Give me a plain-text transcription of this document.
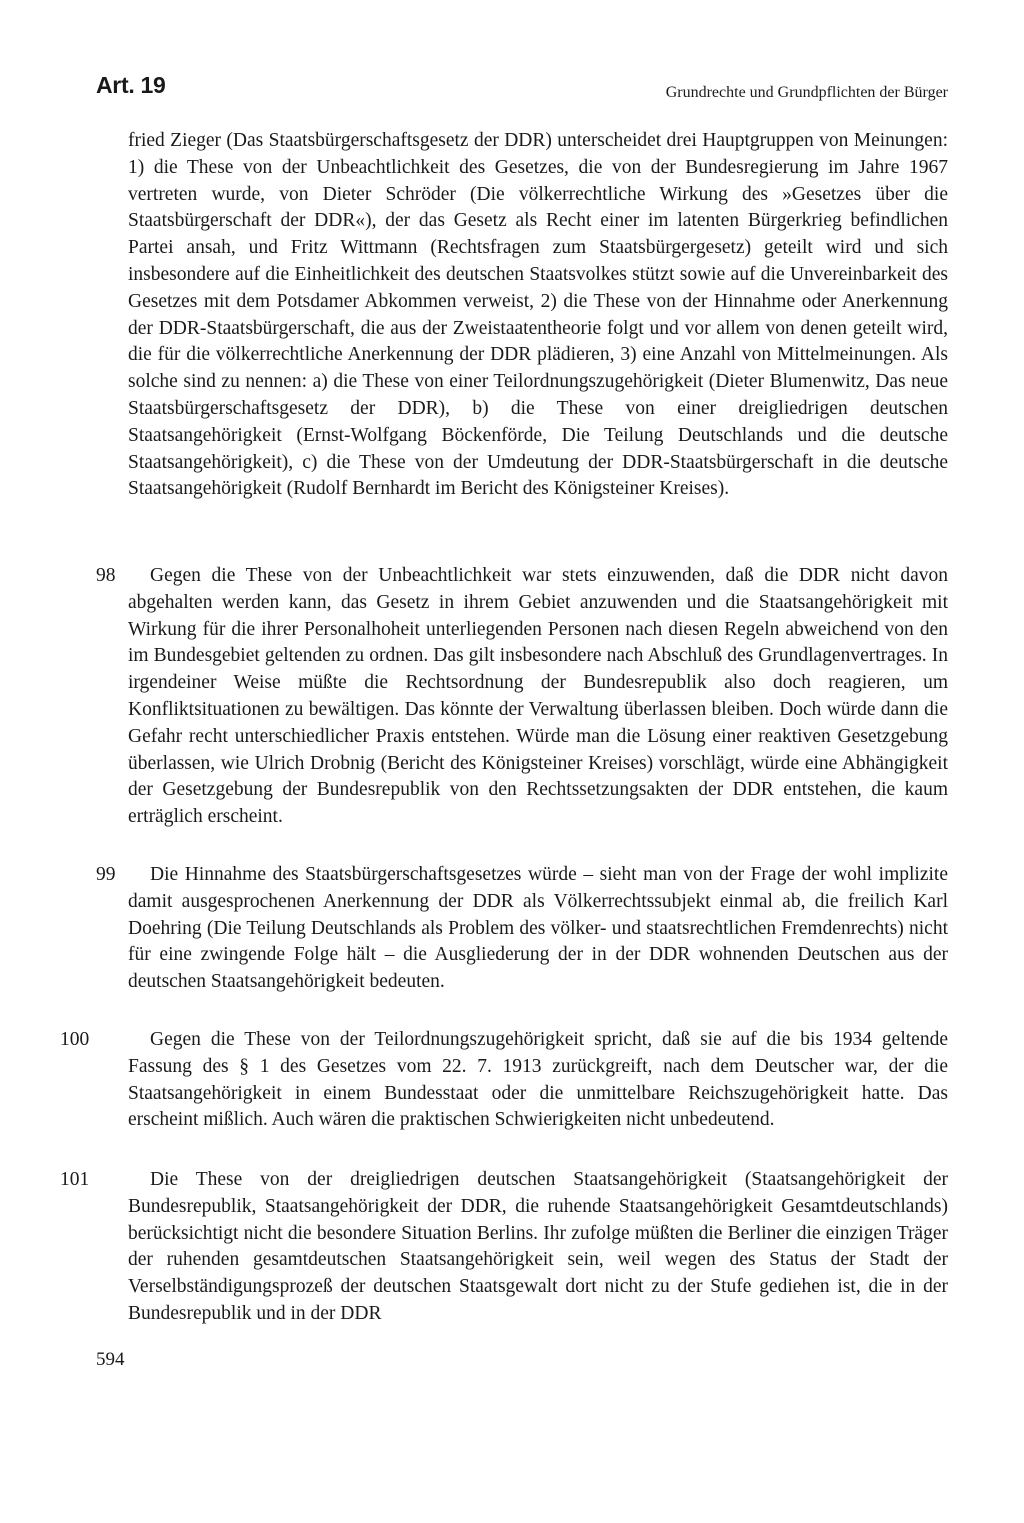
Art. 19	Grundrechte und Grundpflichten der Bürger

fried Zieger (Das Staatsbürgerschaftsgesetz der DDR) unterscheidet drei Hauptgruppen von Meinungen: 1) die These von der Unbeachtlichkeit des Gesetzes, die von der Bundesregierung im Jahre 1967 vertreten wurde, von Dieter Schröder (Die völkerrechtliche Wirkung des »Gesetzes über die Staatsbürgerschaft der DDR«), der das Gesetz als Recht einer im latenten Bürgerkrieg befindlichen Partei ansah, und Fritz Wittmann (Rechtsfragen zum Staatsbürgergesetz) geteilt wird und sich insbesondere auf die Einheitlichkeit des deutschen Staatsvolkes stützt sowie auf die Unvereinbarkeit des Gesetzes mit dem Potsdamer Abkommen verweist, 2) die These von der Hinnahme oder Anerkennung der DDR-Staatsbürgerschaft, die aus der Zweistaatentheorie folgt und vor allem von denen geteilt wird, die für die völkerrechtliche Anerkennung der DDR plädieren, 3) eine Anzahl von Mittelmeinungen. Als solche sind zu nennen: a) die These von einer Teilordnungszugehörigkeit (Dieter Blumenwitz, Das neue Staatsbürgerschaftsgesetz der DDR), b) die These von einer dreigliedrigen deutschen Staatsangehörigkeit (Ernst-Wolfgang Böckenförde, Die Teilung Deutschlands und die deutsche Staatsangehörigkeit), c) die These von der Umdeutung der DDR-Staatsbürgerschaft in die deutsche Staatsangehörigkeit (Rudolf Bernhardt im Bericht des Königsteiner Kreises).

98	Gegen die These von der Unbeachtlichkeit war stets einzuwenden, daß die DDR nicht davon abgehalten werden kann, das Gesetz in ihrem Gebiet anzuwenden und die Staatsangehörigkeit mit Wirkung für die ihrer Personalhoheit unterliegenden Personen nach diesen Regeln abweichend von den im Bundesgebiet geltenden zu ordnen. Das gilt insbesondere nach Abschluß des Grundlagenvertrages. In irgendeiner Weise müßte die Rechtsordnung der Bundesrepublik also doch reagieren, um Konfliktsituationen zu bewältigen. Das könnte der Verwaltung überlassen bleiben. Doch würde dann die Gefahr recht unterschiedlicher Praxis entstehen. Würde man die Lösung einer reaktiven Gesetzgebung überlassen, wie Ulrich Drobnig (Bericht des Königsteiner Kreises) vorschlägt, würde eine Abhängigkeit der Gesetzgebung der Bundesrepublik von den Rechtssetzungsakten der DDR entstehen, die kaum erträglich erscheint.

99	Die Hinnahme des Staatsbürgerschaftsgesetzes würde – sieht man von der Frage der wohl implizite damit ausgesprochenen Anerkennung der DDR als Völkerrechtssubjekt einmal ab, die freilich Karl Doehring (Die Teilung Deutschlands als Problem des völker- und staatsrechtlichen Fremdenrechts) nicht für eine zwingende Folge hält – die Ausgliederung der in der DDR wohnenden Deutschen aus der deutschen Staatsangehörigkeit bedeuten.

100	Gegen die These von der Teilordnungszugehörigkeit spricht, daß sie auf die bis 1934 geltende Fassung des § 1 des Gesetzes vom 22. 7. 1913 zurückgreift, nach dem Deutscher war, der die Staatsangehörigkeit in einem Bundesstaat oder die unmittelbare Reichszugehörigkeit hatte. Das erscheint mißlich. Auch wären die praktischen Schwierigkeiten nicht unbedeutend.

101	Die These von der dreigliedrigen deutschen Staatsangehörigkeit (Staatsangehörigkeit der Bundesrepublik, Staatsangehörigkeit der DDR, die ruhende Staatsangehörigkeit Gesamtdeutschlands) berücksichtigt nicht die besondere Situation Berlins. Ihr zufolge müßten die Berliner die einzigen Träger der ruhenden gesamtdeutschen Staatsangehörigkeit sein, weil wegen des Status der Stadt der Verselbständigungsprozeß der deutschen Staatsgewalt dort nicht zu der Stufe gediehen ist, die in der Bundesrepublik und in der DDR

594
